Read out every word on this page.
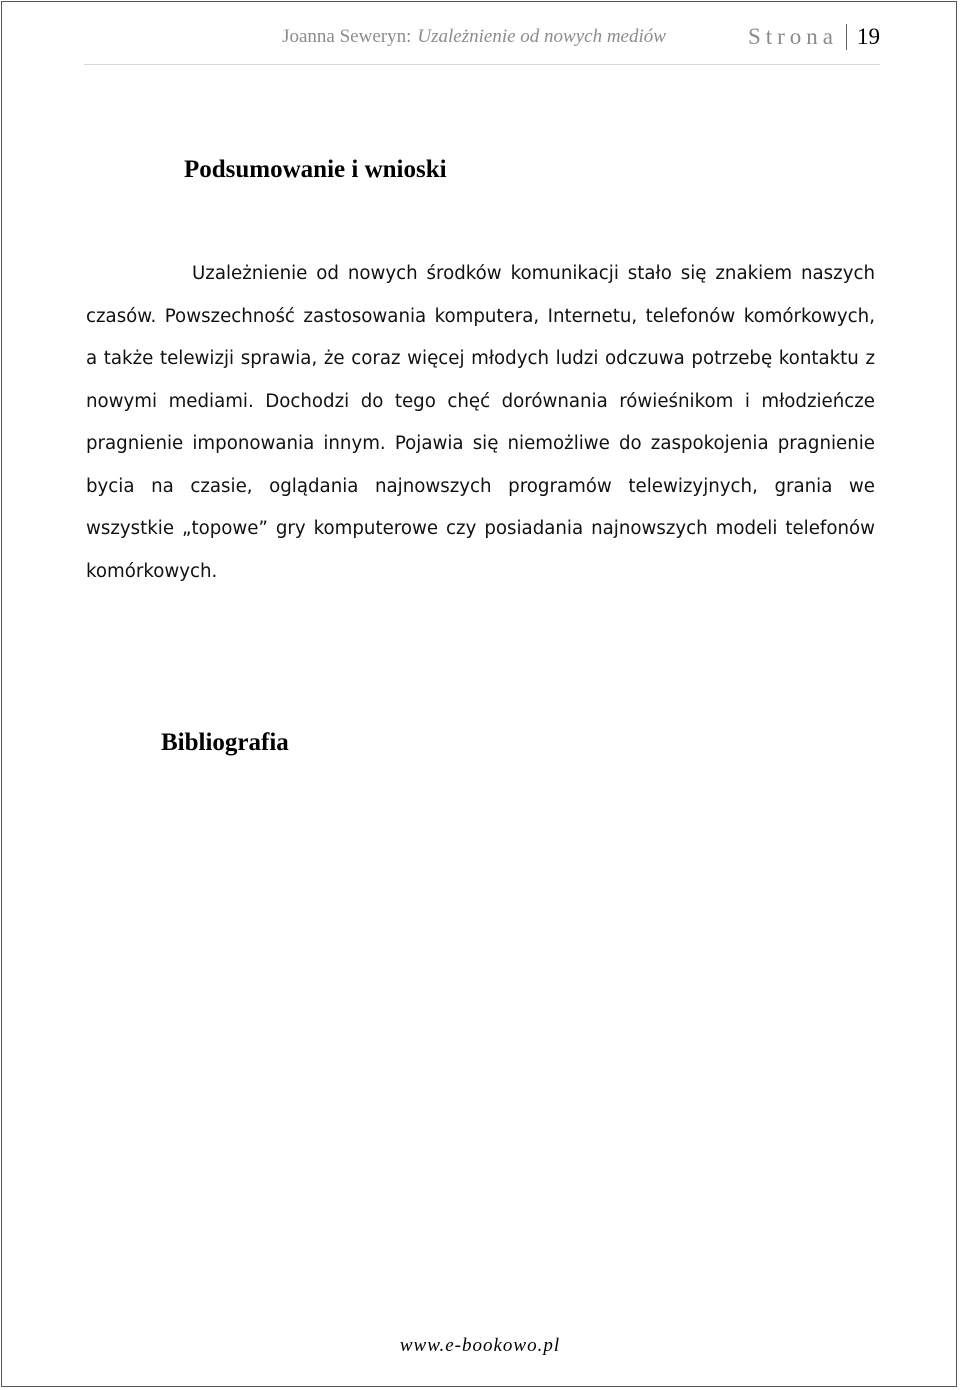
Joanna Seweryn: Uzależnienie od nowych mediów	Strona 19
Podsumowanie i wnioski

Uzależnienie od nowych środków komunikacji stało się znakiem naszych czasów. Powszechność zastosowania komputera, Internetu, telefonów komórkowych, a także telewizji sprawia, że coraz więcej młodych ludzi odczuwa potrzebę kontaktu z nowymi mediami. Dochodzi do tego chęć dorównania rówieśnikom i młodzieńcze pragnienie imponowania innym. Pojawia się niemożliwe do zaspokojenia pragnienie bycia na czasie, oglądania najnowszych programów telewizyjnych, grania we wszystkie „topowe” gry komputerowe czy posiadania najnowszych modeli telefonów komórkowych.

Bibliografia
www.e-bookowo.pl
